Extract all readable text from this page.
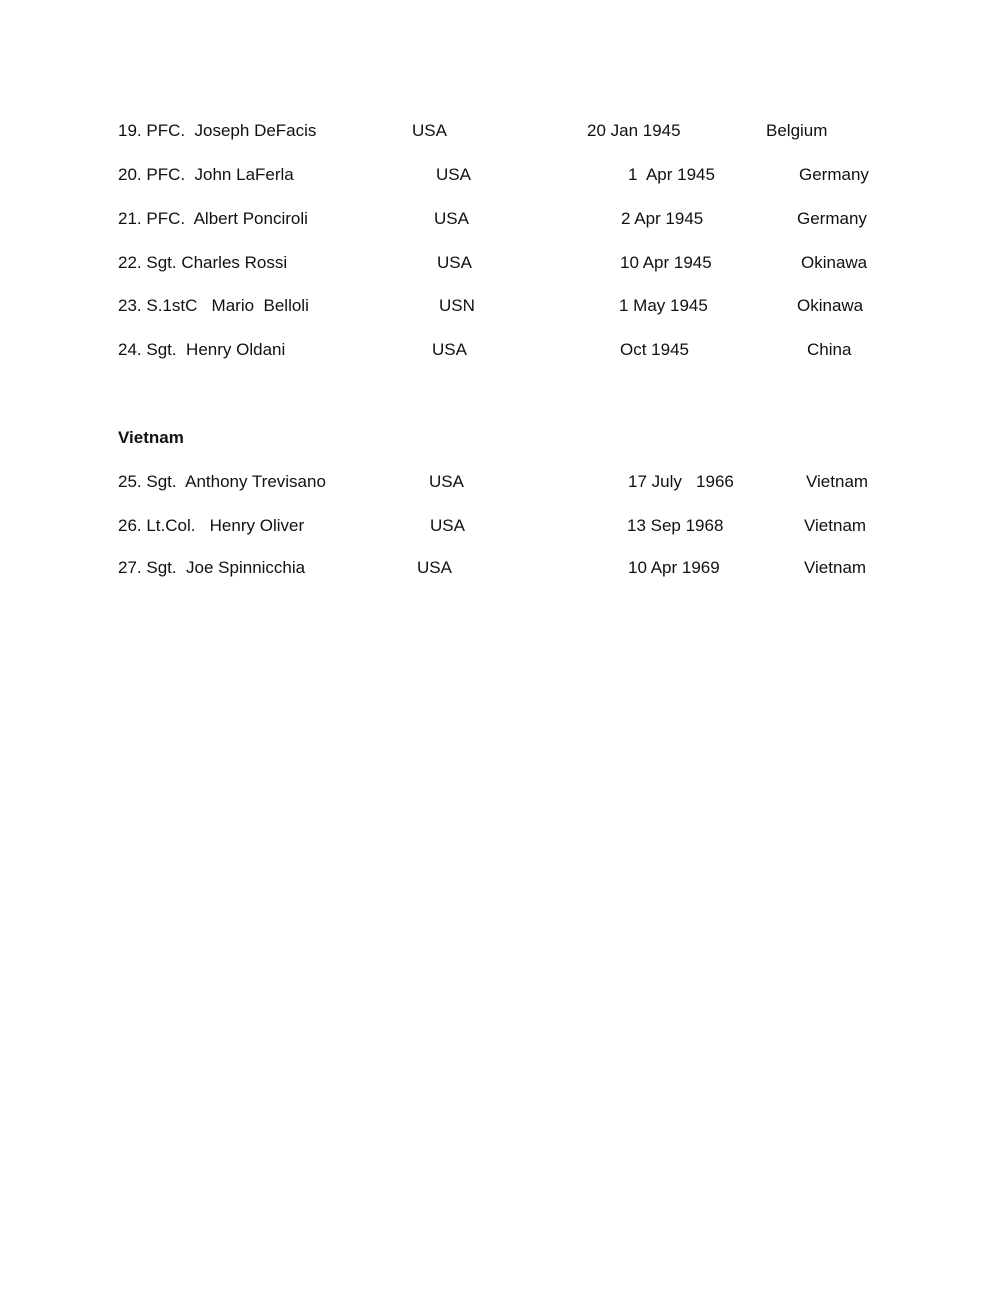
19. PFC.  Joseph DeFacis	USA	20 Jan 1945	Belgium
20. PFC.  John LaFerla	USA	1  Apr 1945	Germany
21. PFC.  Albert Ponciroli	USA	2 Apr 1945	Germany
22. Sgt. Charles Rossi	USA	10 Apr 1945	Okinawa
23. S.1stC   Mario  Belloli	USN	1 May 1945	Okinawa
24. Sgt.  Henry Oldani	USA	Oct 1945	China
Vietnam
25. Sgt.  Anthony Trevisano	USA	17 July   1966	Vietnam
26. Lt.Col.   Henry Oliver	USA	13 Sep 1968	Vietnam
27. Sgt.  Joe Spinnicchia	USA	10 Apr 1969	Vietnam
